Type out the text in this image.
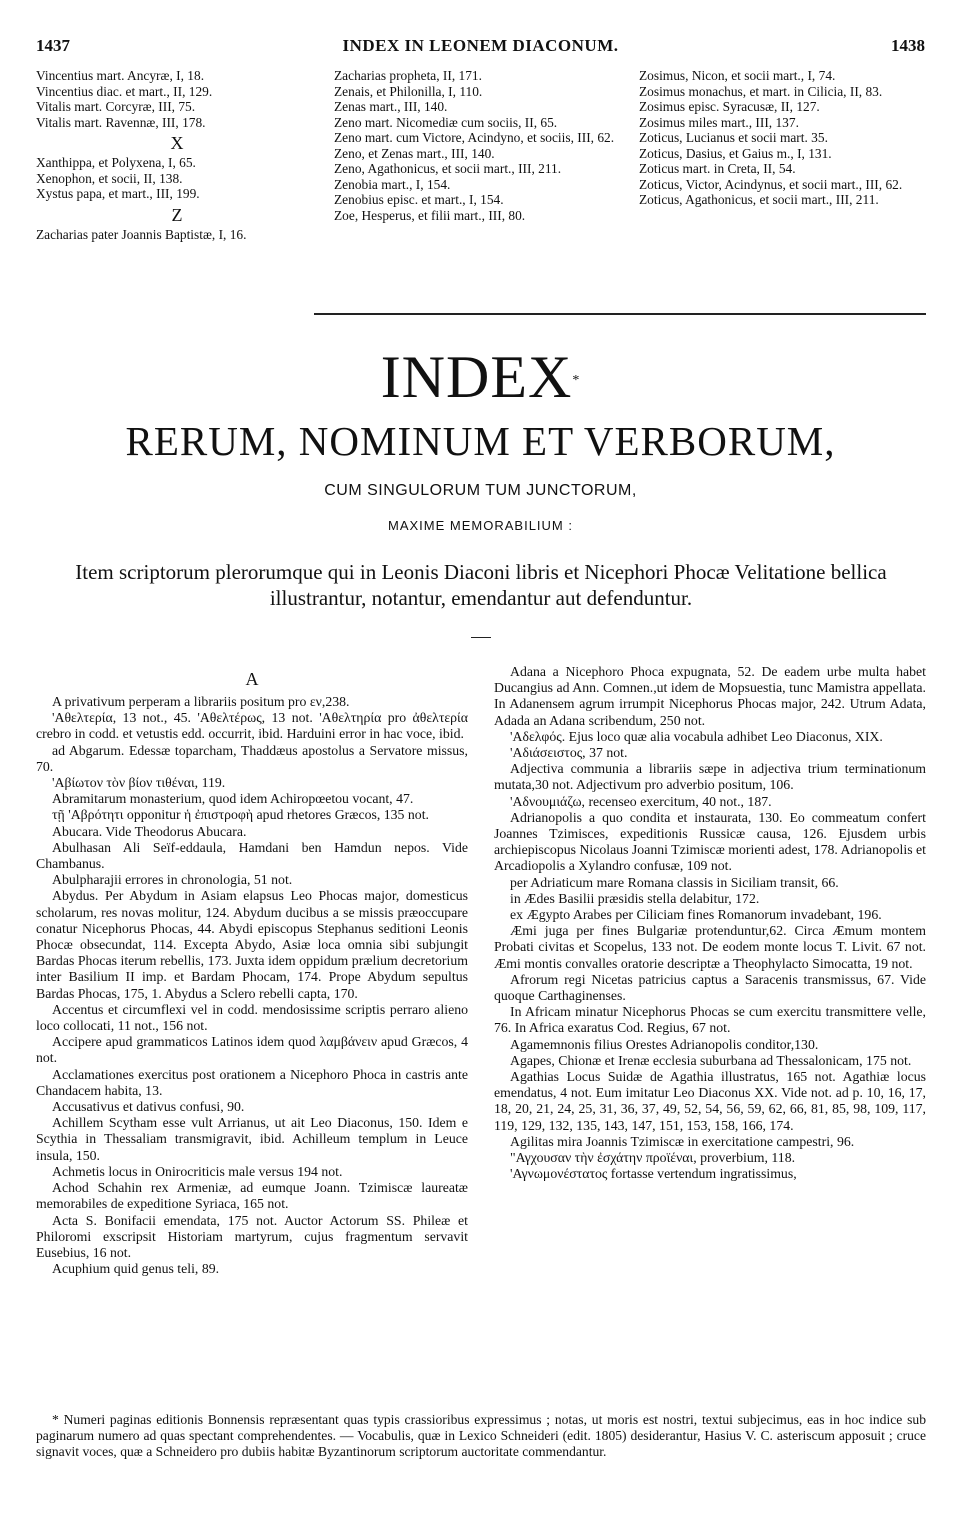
1437	INDEX IN LEONEM DIACONUM.	1438

Vincentius mart. Ancyræ, I, 18.

Vincentius diac. et mart., II, 129.

Vitalis mart. Corcyræ, III, 75.

Vitalis mart. Ravennæ, III, 178.

X

Xanthippa, et Polyxena, I, 65.

Xenophon, et socii, II, 138.

Xystus papa, et mart., III, 199.

Z

Zacharias pater Joannis Baptistæ, I, 16.

Zacharias propheta, II, 171.

Zenais, et Philonilla, I, 110.

Zenas mart., III, 140.

Zeno mart. Nicomediæ cum sociis, II, 65.

Zeno mart. cum Victore, Acindyno, et sociis, III, 62.

Zeno, et Zenas mart., III, 140.

Zeno, Agathonicus, et socii mart., III, 211.

Zenobia mart., I, 154.

Zenobius episc. et mart., I, 154.

Zoe, Hesperus, et filii mart., III, 80.

Zosimus, Nicon, et socii mart., I, 74.

Zosimus monachus, et mart. in Cilicia, II, 83.

Zosimus episc. Syracusæ, II, 127.

Zosimus miles mart., III, 137.

Zoticus, Lucianus et socii mart. 35.

Zoticus, Dasius, et Gaius m., I, 131.

Zoticus mart. in Creta, II, 54.

Zoticus, Victor, Acindynus, et socii mart., III, 62.

Zoticus, Agathonicus, et socii mart., III, 211.

INDEX*
RERUM, NOMINUM ET VERBORUM,
CUM SINGULORUM TUM JUNCTORUM,
MAXIME MEMORABILIUM :
Item scriptorum plerorumque qui in Leonis Diaconi libris et Nicephori Phocæ Velitatione bellica illustrantur, notantur, emendantur aut defenduntur.

A

A privativum perperam a librariis positum pro εν,238.

'Αθελτερία, 13 not., 45. 'Αθελτέρως, 13 not. 'Αθελτηρία pro ἀθελτερία crebro in codd. et vetustis edd. occurrit, ibid. Harduini error in hac voce, ibid.

ad Abgarum. Edessæ toparcham, Thaddæus apostolus a Servatore missus, 70.

'Αβίωτον τὸν βίον τιθέναι, 119.

Abramitarum monasterium, quod idem Achiropœetou vocant, 47.

τῇ 'Αβρότητι opponitur ἡ ἐπιστροφὴ apud rhetores Græcos, 135 not.

Abucara. Vide Theodorus Abucara.

Abulhasan Ali Seïf-eddaula, Hamdani ben Hamdun nepos. Vide Chambanus.

Abulpharajii errores in chronologia, 51 not.

Abydus. Per Abydum in Asiam elapsus Leo Phocas major, domesticus scholarum, res novas molitur, 124. Abydum ducibus a se missis præoccupare conatur Nicephorus Phocas, 44. Abydi episcopus Stephanus seditioni Leonis Phocæ obsecundat, 114. Excepta Abydo, Asiæ loca omnia sibi subjungit Bardas Phocas iterum rebellis, 173. Juxta idem oppidum prælium decretorium inter Basilium II imp. et Bardam Phocam, 174. Prope Abydum sepultus Bardas Phocas, 175, 1. Abydus a Sclero rebelli capta, 170.

Accentus et circumflexi vel in codd. mendosissime scriptis perraro alieno loco collocati, 11 not., 156 not.

Accipere apud grammaticos Latinos idem quod λαμβάνειν apud Græcos, 4 not.

Acclamationes exercitus post orationem a Nicephoro Phoca in castris ante Chandacem habita, 13.

Accusativus et dativus confusi, 90.

Achillem Scytham esse vult Arrianus, ut ait Leo Diaconus, 150. Idem e Scythia in Thessaliam transmigravit, ibid. Achilleum templum in Leuce insula, 150.

Achmetis locus in Onirocriticis male versus 194 not.

Achod Schahin rex Armeniæ, ad eumque Joann. Tzimiscæ laureatæ memorabiles de expeditione Syriaca, 165 not.

Acta S. Bonifacii emendata, 175 not. Auctor Actorum SS. Phileæ et Philoromi exscripsit Historiam martyrum, cujus fragmentum servavit Eusebius, 16 not.

Acuphium quid genus teli, 89.

Adana a Nicephoro Phoca expugnata, 52. De eadem urbe multa habet Ducangius ad Ann. Comnen.,ut idem de Mopsuestia, tunc Mamistra appellata. In Adanensem agrum irrumpit Nicephorus Phocas major, 242. Utrum Adata, Adada an Adana scribendum, 250 not.

'Αδελφός. Ejus loco quæ alia vocabula adhibet Leo Diaconus, XIX.

'Αδιάσειστος, 37 not.

Adjectiva communia a librariis sæpe in adjectiva trium terminationum mutata,30 not. Adjectivum pro adverbio positum, 106.

'Αδνουμιάζω, recenseo exercitum, 40 not., 187.

Adrianopolis a quo condita et instaurata, 130. Eo commeatum confert Joannes Tzimisces, expeditionis Russicæ causa, 126. Ejusdem urbis archiepiscopus Nicolaus Joanni Tzimiscæ morienti adest, 178. Adrianopolis et Arcadiopolis a Xylandro confusæ, 109 not.

per Adriaticum mare Romana classis in Siciliam transit, 66.

in Ædes Basilii præsidis stella delabitur, 172.

ex Ægypto Arabes per Ciliciam fines Romanorum invadebant, 196.

Æmi juga per fines Bulgariæ protenduntur,62. Circa Æmum montem Probati civitas et Scopelus, 133 not. De eodem monte locus T. Livit. 67 not. Æmi montis convalles oratorie descriptæ a Theophylacto Simocatta, 19 not.

Afrorum regi Nicetas patricius captus a Saracenis transmissus, 67. Vide quoque Carthaginenses.

In Africam minatur Nicephorus Phocas se cum exercitu transmittere velle, 76. In Africa exaratus Cod. Regius, 67 not.

Agamemnonis filius Orestes Adrianopolis conditor,130.

Agapes, Chionæ et Irenæ ecclesia suburbana ad Thessalonicam, 175 not.

Agathias Locus Suidæ de Agathia illustratus, 165 not. Agathiæ locus emendatus, 4 not. Eum imitatur Leo Diaconus XX. Vide not. ad p. 10, 16, 17, 18, 20, 21, 24, 25, 31, 36, 37, 49, 52, 54, 56, 59, 62, 66, 81, 85, 98, 109, 117, 119, 129, 132, 135, 143, 147, 151, 153, 158, 166, 174.

Agilitas mira Joannis Tzimiscæ in exercitatione campestri, 96.

"Αγχουσαν τὴν ἐσχάτην προϊέναι, proverbium, 118.

'Αγνωμονέστατος fortasse vertendum ingratissimus,

* Numeri paginas editionis Bonnensis repræsentant quas typis crassioribus expressimus ; notas, ut moris est nostri, textui subjecimus, eas in hoc indice sub paginarum numero ad quas spectant comprehendentes. — Vocabulis, quæ in Lexico Schneideri (edit. 1805) desiderantur, Hasius V. C. asteriscum apposuit ; cruce signavit voces, quæ a Schneidero pro dubiis habitæ Byzantinorum scriptorum auctoritate commendantur.
